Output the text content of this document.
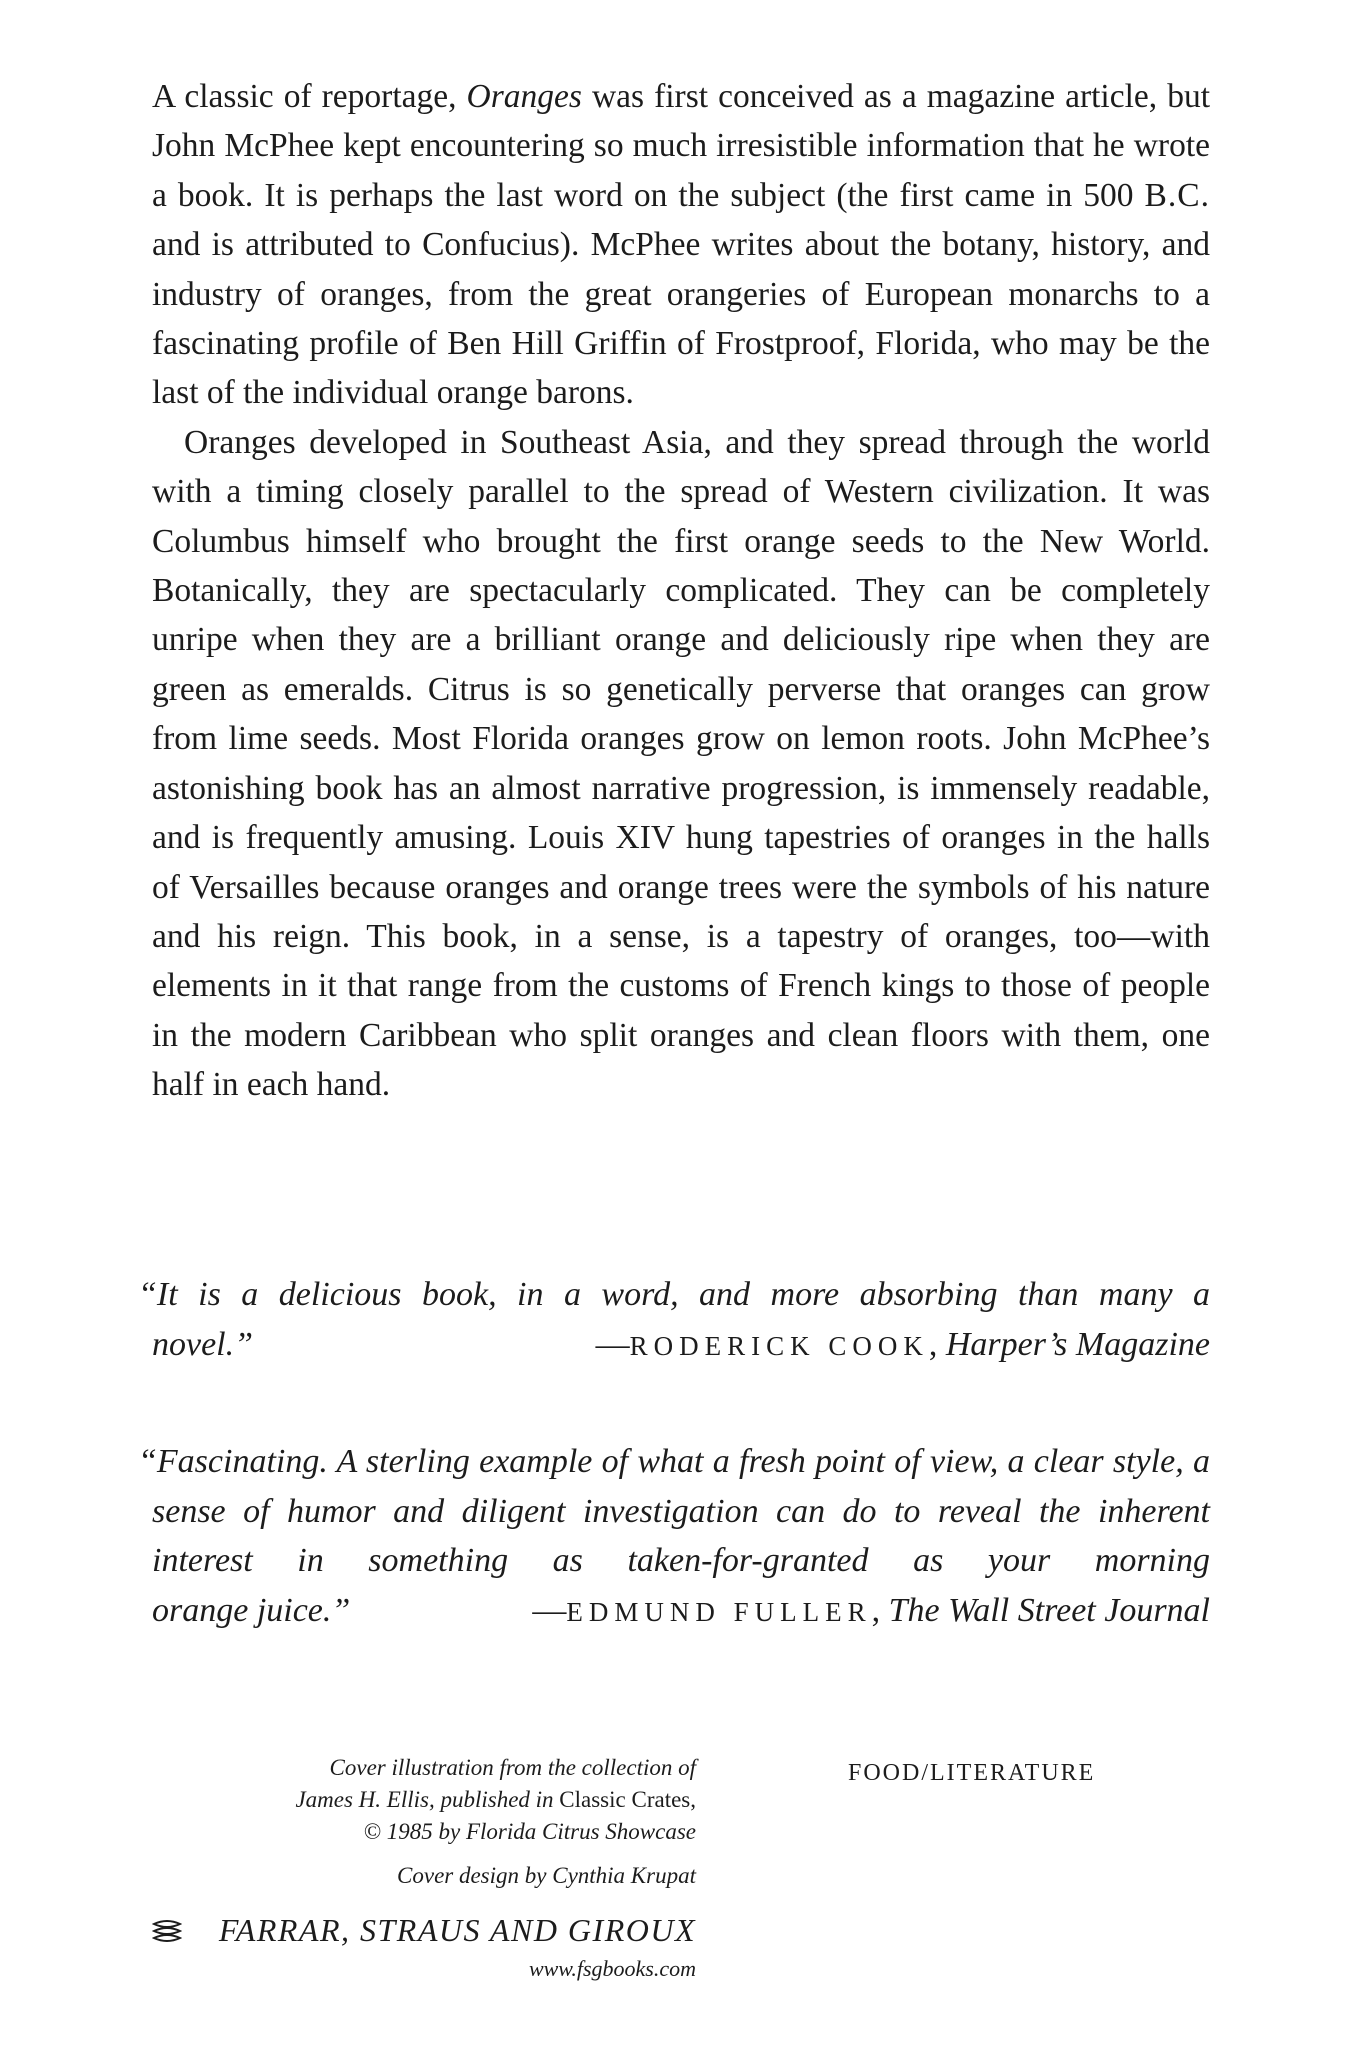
A classic of reportage, Oranges was first conceived as a magazine article, but John McPhee kept encountering so much irresistible information that he wrote a book. It is perhaps the last word on the subject (the first came in 500 B.C. and is attributed to Confucius). McPhee writes about the botany, history, and industry of oranges, from the great orangeries of European monarchs to a fascinating profile of Ben Hill Griffin of Frostproof, Florida, who may be the last of the individual orange barons.

Oranges developed in Southeast Asia, and they spread through the world with a timing closely parallel to the spread of Western civilization. It was Columbus himself who brought the first orange seeds to the New World. Botanically, they are spectacularly complicated. They can be completely unripe when they are a brilliant orange and deliciously ripe when they are green as emeralds. Citrus is so genetically perverse that oranges can grow from lime seeds. Most Florida oranges grow on lemon roots. John McPhee’s astonishing book has an almost narrative progression, is immensely readable, and is frequently amusing. Louis XIV hung tapestries of oranges in the halls of Versailles because oranges and orange trees were the symbols of his nature and his reign. This book, in a sense, is a tapestry of oranges, too—with elements in it that range from the customs of French kings to those of people in the modern Caribbean who split oranges and clean floors with them, one half in each hand.

“It is a delicious book, in a word, and more absorbing than many a
novel.”	—RODERICK COOK, Harper’s Magazine
“Fascinating. A sterling example of what a fresh point of view, a clear style, a sense of humor and diligent investigation can do to reveal the inherent interest in something as taken-for-granted as your morning
orange juice.”	—EDMUND FULLER, The Wall Street Journal
Cover illustration from the collection of
James H. Ellis, published in Classic Crates,
© 1985 by Florida Citrus Showcase
Cover design by Cynthia Krupat
FOOD/LITERATURE
FARRAR, STRAUS AND GIROUX
www.fsgbooks.com
